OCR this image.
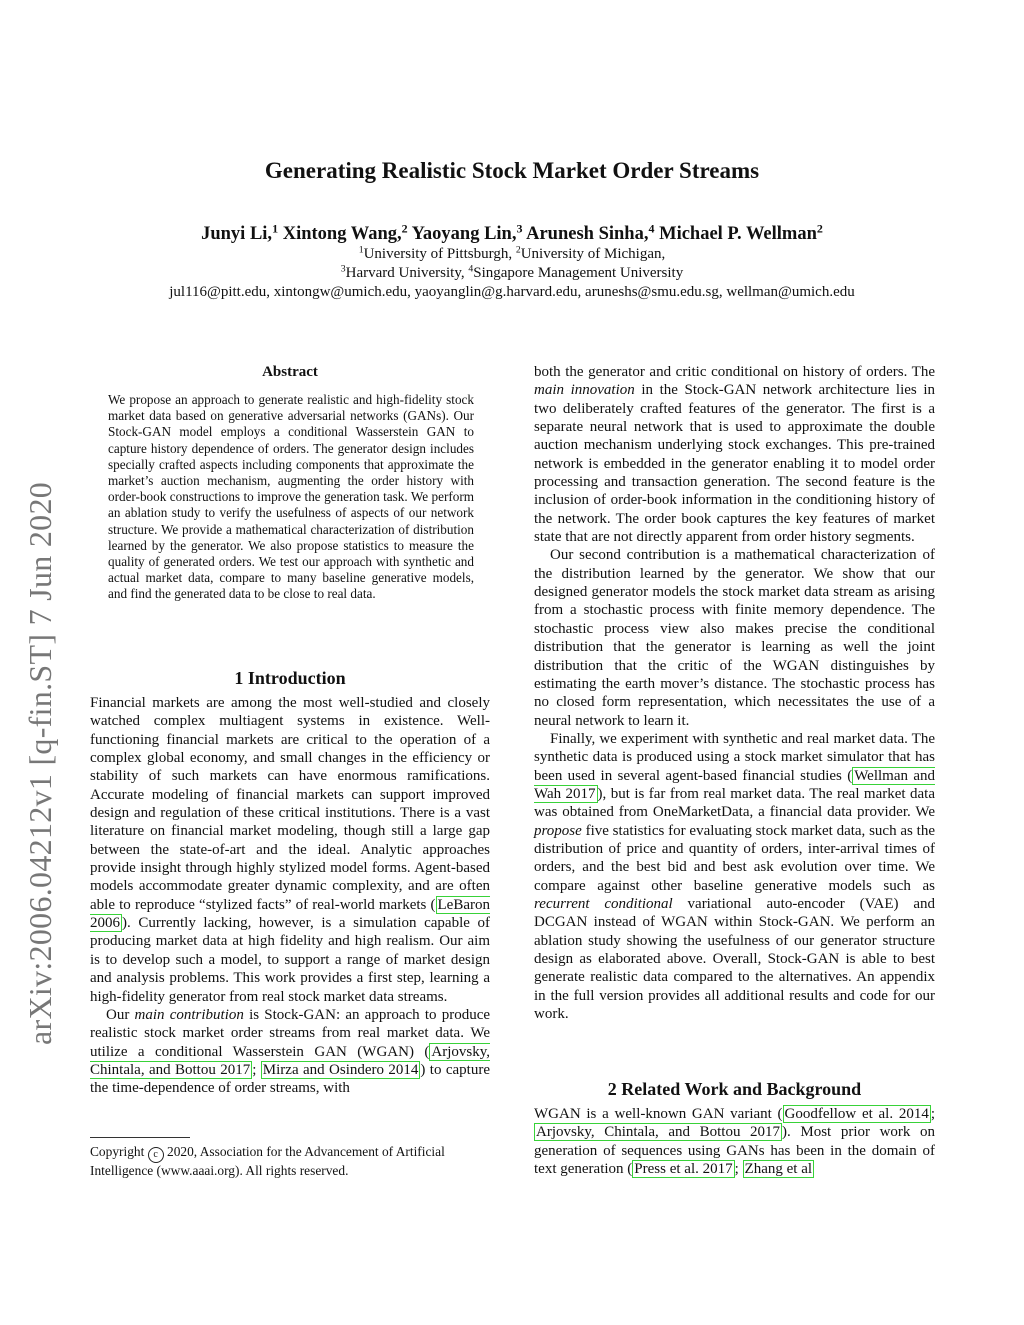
arXiv:2006.04212v1 [q-fin.ST] 7 Jun 2020
Generating Realistic Stock Market Order Streams
Junyi Li,$^1$ Xintong Wang,$^2$ Yaoyang Lin,$^3$ Arunesh Sinha,$^4$ Michael P. Wellman$^2$
$^1$University of Pittsburgh, $^2$University of Michigan,
$^3$Harvard University, $^4$Singapore Management University
jul116@pitt.edu, xintongw@umich.edu, yaoyanglin@g.harvard.edu, aruneshs@smu.edu.sg, wellman@umich.edu
Abstract
We propose an approach to generate realistic and high-fidelity stock market data based on generative adversarial networks (GANs). Our Stock-GAN model employs a conditional Wasserstein GAN to capture history dependence of orders. The generator design includes specially crafted aspects including components that approximate the market’s auction mechanism, augmenting the order history with order-book constructions to improve the generation task. We perform an ablation study to verify the usefulness of aspects of our network structure. We provide a mathematical characterization of distribution learned by the generator. We also propose statistics to measure the quality of generated orders. We test our approach with synthetic and actual market data, compare to many baseline generative models, and find the generated data to be close to real data.
1 Introduction

Financial markets are among the most well-studied and closely watched complex multiagent systems in existence. Well-functioning financial markets are critical to the operation of a complex global economy, and small changes in the efficiency or stability of such markets can have enormous ramifications. Accurate modeling of financial markets can support improved design and regulation of these critical institutions. There is a vast literature on financial market modeling, though still a large gap between the state-of-art and the ideal. Analytic approaches provide insight through highly stylized model forms. Agent-based models accommodate greater dynamic complexity, and are often able to reproduce “stylized facts” of real-world markets ( LeBaron 2006 ). Currently lacking, however, is a simulation capable of producing market data at high fidelity and high realism. Our aim is to develop such a model, to support a range of market design and analysis problems. This work provides a first step, learning a high-fidelity generator from real stock market data streams.

Our main contribution is Stock-GAN: an approach to produce realistic stock market order streams from real market data. We utilize a conditional Wasserstein GAN (WGAN) ( Arjovsky, Chintala, and Bottou 2017 ; Mirza and Osindero 2014 ) to capture the time-dependence of order streams, with

Copyright c 2020, Association for the Advancement of Artificial Intelligence (www.aaai.org). All rights reserved.

both the generator and critic conditional on history of orders. The main innovation in the Stock-GAN network architecture lies in two deliberately crafted features of the generator. The first is a separate neural network that is used to approximate the double auction mechanism underlying stock exchanges. This pre-trained network is embedded in the generator enabling it to model order processing and transaction generation. The second feature is the inclusion of order-book information in the conditioning history of the network. The order book captures the key features of market state that are not directly apparent from order history segments.

Our second contribution is a mathematical characterization of the distribution learned by the generator. We show that our designed generator models the stock market data stream as arising from a stochastic process with finite memory dependence. The stochastic process view also makes precise the conditional distribution that the generator is learning as well the joint distribution that the critic of the WGAN distinguishes by estimating the earth mover’s distance. The stochastic process has no closed form representation, which necessitates the use of a neural network to learn it.

Finally, we experiment with synthetic and real market data. The synthetic data is produced using a stock market simulator that has been used in several agent-based financial studies ( Wellman and Wah 2017 ), but is far from real market data. The real market data was obtained from OneMarketData, a financial data provider. We propose five statistics for evaluating stock market data, such as the distribution of price and quantity of orders, inter-arrival times of orders, and the best bid and best ask evolution over time. We compare against other baseline generative models such as recurrent conditional variational auto-encoder (VAE) and DCGAN instead of WGAN within Stock-GAN. We perform an ablation study showing the usefulness of our generator structure design as elaborated above. Overall, Stock-GAN is able to best generate realistic data compared to the alternatives. An appendix in the full version provides all additional results and code for our work.

2 Related Work and Background

WGAN is a well-known GAN variant ( Goodfellow et al. 2014 ; Arjovsky, Chintala, and Bottou 2017 ). Most prior work on generation of sequences using GANs has been in the domain of text generation ( Press et al. 2017 ; Zhang et al
